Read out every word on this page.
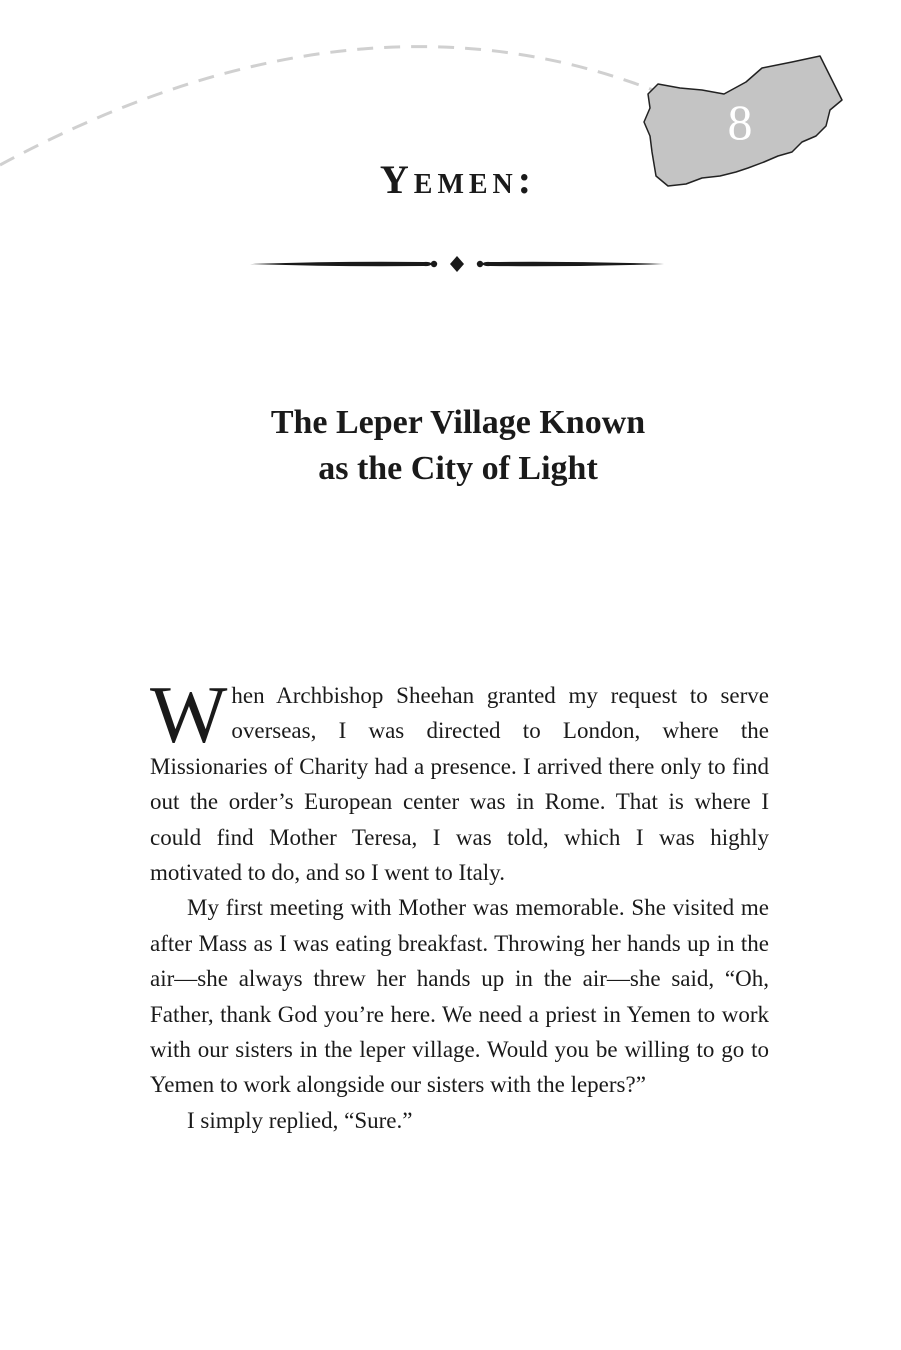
8
Yemen:
The Leper Village Known
as the City of Light

When Archbishop Sheehan granted my request to serve overseas, I was directed to London, where the Missionaries of Charity had a presence. I arrived there only to find out the order’s European center was in Rome. That is where I could find Mother Teresa, I was told, which I was highly motivated to do, and so I went to Italy.

My first meeting with Mother was memorable. She visited me after Mass as I was eating breakfast. Throwing her hands up in the air—she always threw her hands up in the air—she said, “Oh, Father, thank God you’re here. We need a priest in Yemen to work with our sisters in the leper village. Would you be willing to go to Yemen to work alongside our sisters with the lepers?”

I simply replied, “Sure.”
